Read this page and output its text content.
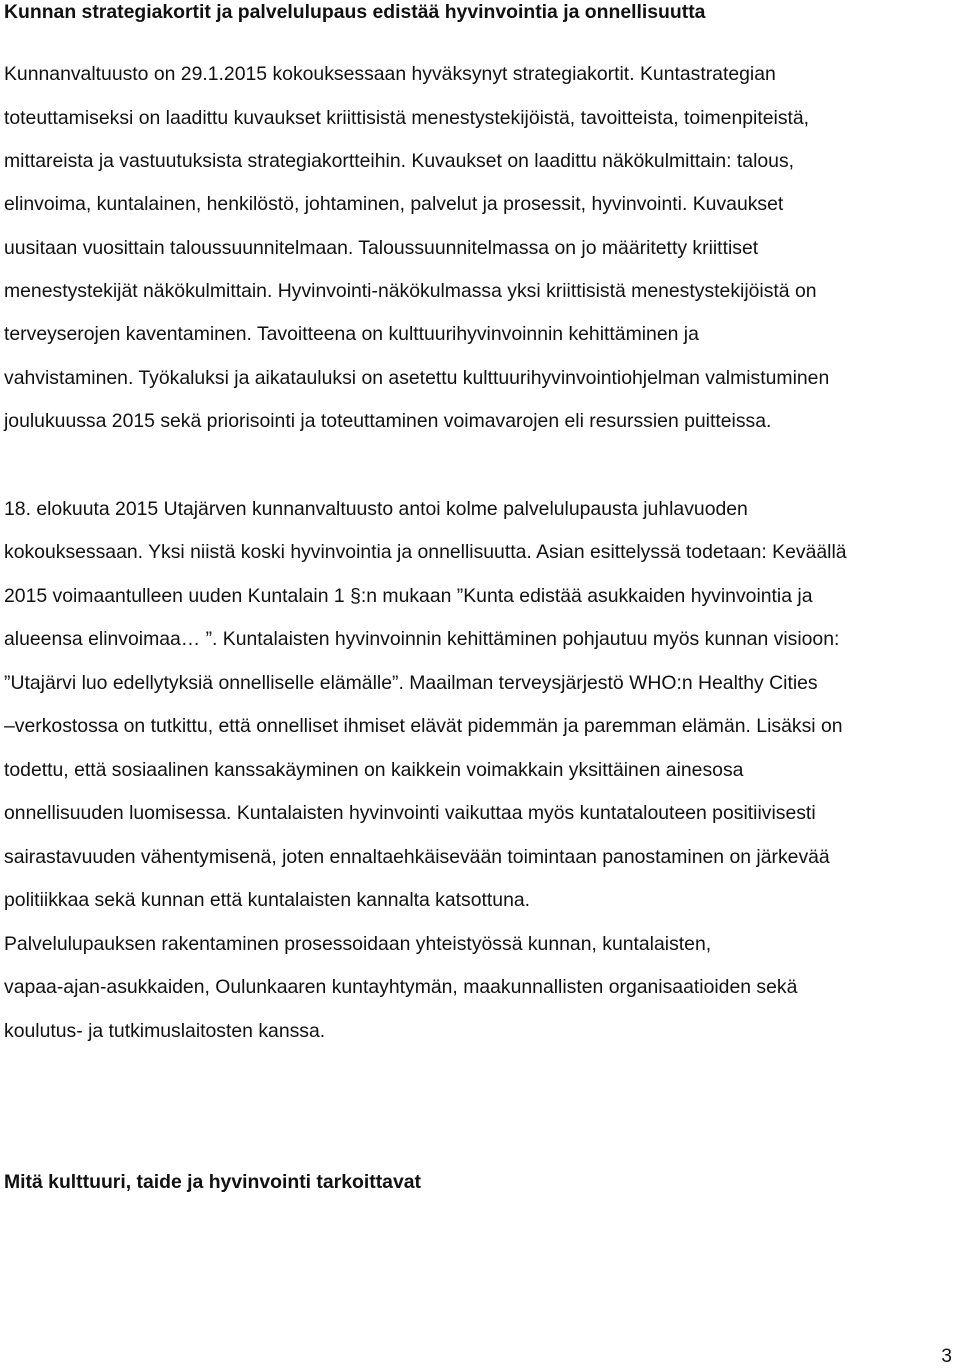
Kunnan strategiakortit ja palvelulupaus edistää hyvinvointia ja onnellisuutta
Kunnanvaltuusto on 29.1.2015 kokouksessaan hyväksynyt strategiakortit. Kuntastrategian
toteuttamiseksi on laadittu kuvaukset kriittisistä menestystekijöistä, tavoitteista, toimenpiteistä,
mittareista ja vastuutuksista strategiakortteihin. Kuvaukset on laadittu näkökulmittain: talous,
elinvoima, kuntalainen, henkilöstö, johtaminen, palvelut ja prosessit, hyvinvointi. Kuvaukset
uusitaan vuosittain taloussuunnitelmaan. Taloussuunnitelmassa on jo määritetty kriittiset
menestystekijät näkökulmittain. Hyvinvointi-näkökulmassa yksi kriittisistä menestystekijöistä on
terveyserojen kaventaminen. Tavoitteena on kulttuurihyvinvoinnin kehittäminen ja
vahvistaminen. Työkaluksi ja aikatauluksi on asetettu kulttuurihyvinvointiohjelman valmistuminen
joulukuussa 2015 sekä priorisointi ja toteuttaminen voimavarojen eli resurssien puitteissa.
18. elokuuta 2015 Utajärven kunnanvaltuusto antoi kolme palvelulupausta juhlavuoden
kokouksessaan. Yksi niistä koski hyvinvointia ja onnellisuutta. Asian esittelyssä todetaan: Keväällä
2015 voimaantulleen uuden Kuntalain 1 §:n mukaan ”Kunta edistää asukkaiden hyvinvointia ja
alueensa elinvoimaa… ”. Kuntalaisten hyvinvoinnin kehittäminen pohjautuu myös kunnan visioon:
”Utajärvi luo edellytyksiä onnelliselle elämälle”. Maailman terveysjärjestö WHO:n Healthy Cities
–verkostossa on tutkittu, että onnelliset ihmiset elävät pidemmän ja paremman elämän. Lisäksi on
todettu, että sosiaalinen kanssakäyminen on kaikkein voimakkain yksittäinen ainesosa
onnellisuuden luomisessa. Kuntalaisten hyvinvointi vaikuttaa myös kuntatalouteen positiivisesti
sairastavuuden vähentymisenä, joten ennaltaehkäisevään toimintaan panostaminen on järkevää
politiikkaa sekä kunnan että kuntalaisten kannalta katsottuna.
Palvelulupauksen rakentaminen prosessoidaan yhteistyössä kunnan, kuntalaisten,
vapaa-ajan-asukkaiden, Oulunkaaren kuntayhtymän, maakunnallisten organisaatioiden sekä
koulutus- ja tutkimuslaitosten kanssa.
Mitä kulttuuri, taide ja hyvinvointi tarkoittavat
3
